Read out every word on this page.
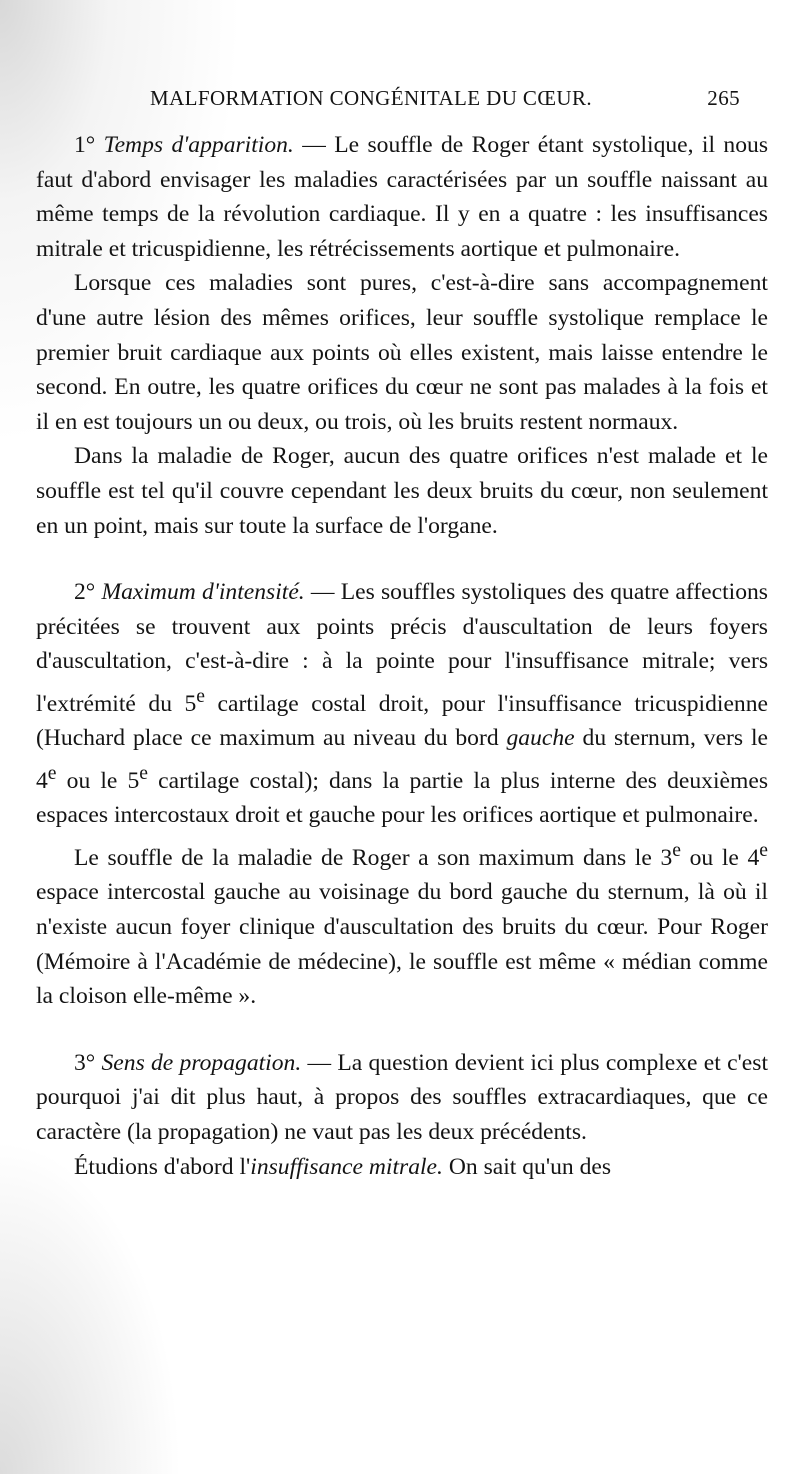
MALFORMATION CONGÉNITALE DU CŒUR.	265

1° Temps d'apparition. — Le souffle de Roger étant systolique, il nous faut d'abord envisager les maladies caractérisées par un souffle naissant au même temps de la révolution cardiaque. Il y en a quatre : les insuffisances mitrale et tricuspidienne, les rétrécissements aortique et pulmonaire.

Lorsque ces maladies sont pures, c'est-à-dire sans accompagnement d'une autre lésion des mêmes orifices, leur souffle systolique remplace le premier bruit cardiaque aux points où elles existent, mais laisse entendre le second. En outre, les quatre orifices du cœur ne sont pas malades à la fois et il en est toujours un ou deux, ou trois, où les bruits restent normaux.

Dans la maladie de Roger, aucun des quatre orifices n'est malade et le souffle est tel qu'il couvre cependant les deux bruits du cœur, non seulement en un point, mais sur toute la surface de l'organe.

2° Maximum d'intensité. — Les souffles systoliques des quatre affections précitées se trouvent aux points précis d'auscultation de leurs foyers d'auscultation, c'est-à-dire : à la pointe pour l'insuffisance mitrale; vers l'extrémité du 5e cartilage costal droit, pour l'insuffisance tricuspidienne (Huchard place ce maximum au niveau du bord gauche du sternum, vers le 4e ou le 5e cartilage costal); dans la partie la plus interne des deuxièmes espaces intercostaux droit et gauche pour les orifices aortique et pulmonaire.

Le souffle de la maladie de Roger a son maximum dans le 3e ou le 4e espace intercostal gauche au voisinage du bord gauche du sternum, là où il n'existe aucun foyer clinique d'auscultation des bruits du cœur. Pour Roger (Mémoire à l'Académie de médecine), le souffle est même « médian comme la cloison elle-même ».

3° Sens de propagation. — La question devient ici plus complexe et c'est pourquoi j'ai dit plus haut, à propos des souffles extracardiaques, que ce caractère (la propagation) ne vaut pas les deux précédents.

Étudions d'abord l'insuffisance mitrale. On sait qu'un des
